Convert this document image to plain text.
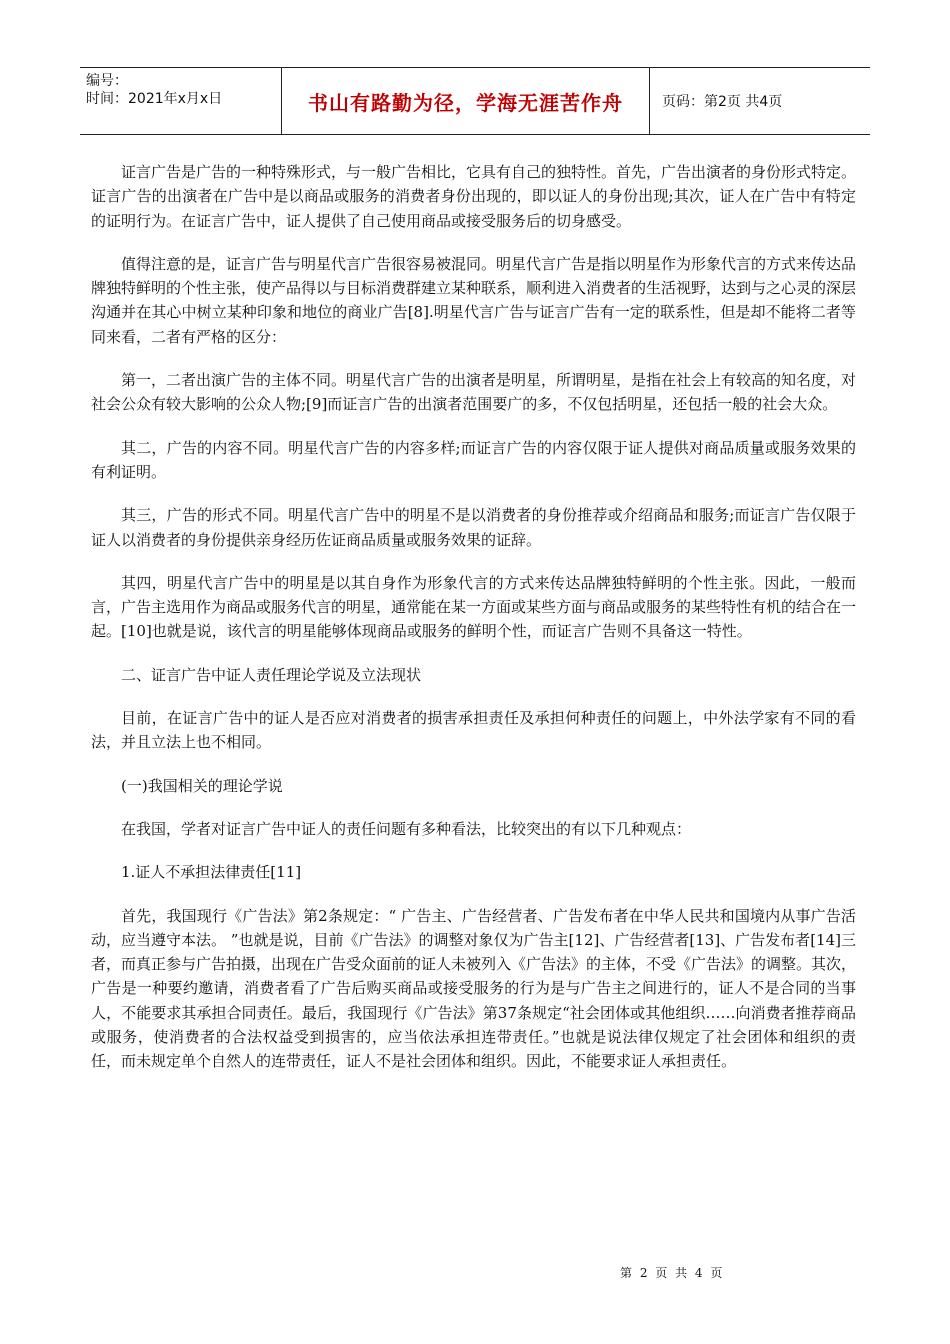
编号：
时间：2021年x月x日	书山有路勤为径，学海无涯苦作舟	页码：第2页 共4页

证言广告是广告的一种特殊形式，与一般广告相比，它具有自己的独特性。首先，广告出演者的身份形式特定。证言广告的出演者在广告中是以商品或服务的消费者身份出现的，即以证人的身份出现;其次，证人在广告中有特定的证明行为。在证言广告中，证人提供了自己使用商品或接受服务后的切身感受。

值得注意的是，证言广告与明星代言广告很容易被混同。明星代言广告是指以明星作为形象代言的方式来传达品牌独特鲜明的个性主张，使产品得以与目标消费群建立某种联系，顺利进入消费者的生活视野，达到与之心灵的深层沟通并在其心中树立某种印象和地位的商业广告[8].明星代言广告与证言广告有一定的联系性，但是却不能将二者等同来看，二者有严格的区分：

第一，二者出演广告的主体不同。明星代言广告的出演者是明星，所谓明星，是指在社会上有较高的知名度，对社会公众有较大影响的公众人物;[9]而证言广告的出演者范围要广的多，不仅包括明星，还包括一般的社会大众。

其二，广告的内容不同。明星代言广告的内容多样;而证言广告的内容仅限于证人提供对商品质量或服务效果的有利证明。

其三，广告的形式不同。明星代言广告中的明星不是以消费者的身份推荐或介绍商品和服务;而证言广告仅限于证人以消费者的身份提供亲身经历佐证商品质量或服务效果的证辞。

其四，明星代言广告中的明星是以其自身作为形象代言的方式来传达品牌独特鲜明的个性主张。因此，一般而言，广告主选用作为商品或服务代言的明星，通常能在某一方面或某些方面与商品或服务的某些特性有机的结合在一起。[10]也就是说，该代言的明星能够体现商品或服务的鲜明个性，而证言广告则不具备这一特性。

二、证言广告中证人责任理论学说及立法现状

目前，在证言广告中的证人是否应对消费者的损害承担责任及承担何种责任的问题上，中外法学家有不同的看法，并且立法上也不相同。

(一)我国相关的理论学说

在我国，学者对证言广告中证人的责任问题有多种看法，比较突出的有以下几种观点：

1.证人不承担法律责任[11]

首先，我国现行《广告法》第2条规定：“ 广告主、广告经营者、广告发布者在中华人民共和国境内从事广告活动，应当遵守本法。 ”也就是说，目前《广告法》的调整对象仅为广告主[12]、广告经营者[13]、广告发布者[14]三者，而真正参与广告拍摄，出现在广告受众面前的证人未被列入《广告法》的主体，不受《广告法》的调整。其次，广告是一种要约邀请，消费者看了广告后购买商品或接受服务的行为是与广告主之间进行的，证人不是合同的当事人，不能要求其承担合同责任。最后，我国现行《广告法》第37条规定“社会团体或其他组织……向消费者推荐商品或服务，使消费者的合法权益受到损害的，应当依法承担连带责任。”也就是说法律仅规定了社会团体和组织的责任，而未规定单个自然人的连带责任，证人不是社会团体和组织。因此，不能要求证人承担责任。

第 2 页 共 4 页
